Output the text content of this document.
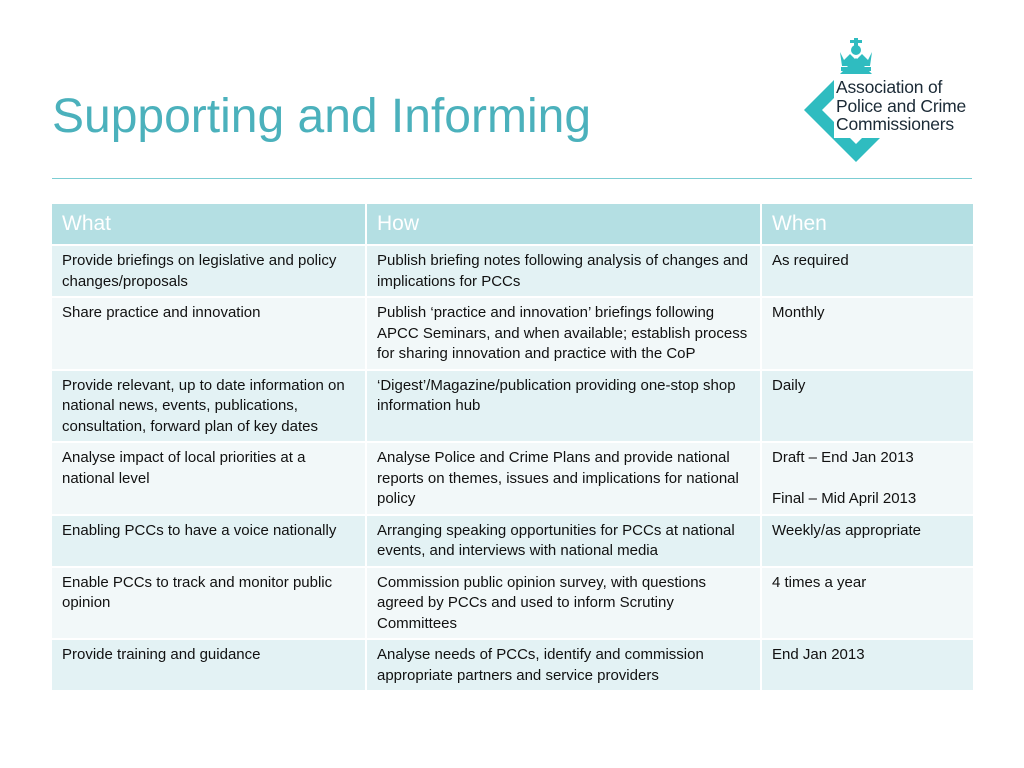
Supporting and Informing
Association of
Police and Crime
Commissioners
What	How	When
Provide briefings on legislative and policy changes/proposals	Publish briefing notes following analysis of changes and implications for PCCs	As required
Share practice and innovation	Publish ‘practice and innovation’ briefings following APCC Seminars, and when available; establish process for sharing innovation and practice with the CoP	Monthly
Provide relevant, up to date information on national news, events, publications, consultation, forward plan of key dates	‘Digest’/Magazine/publication providing one-stop shop information hub	Daily
Analyse impact of local priorities at a national level	Analyse Police and Crime Plans and provide national reports on themes, issues and implications for national policy	Draft – End Jan 2013
Final – Mid April 2013

Enabling PCCs to have a voice nationally	Arranging speaking opportunities for PCCs at national events, and interviews with national media	Weekly/as appropriate
Enable PCCs to track and monitor public opinion	Commission public opinion survey, with questions agreed by PCCs and used to inform Scrutiny Committees	4 times a year
Provide training and guidance	Analyse needs of PCCs, identify and commission appropriate partners and service providers	End Jan 2013
